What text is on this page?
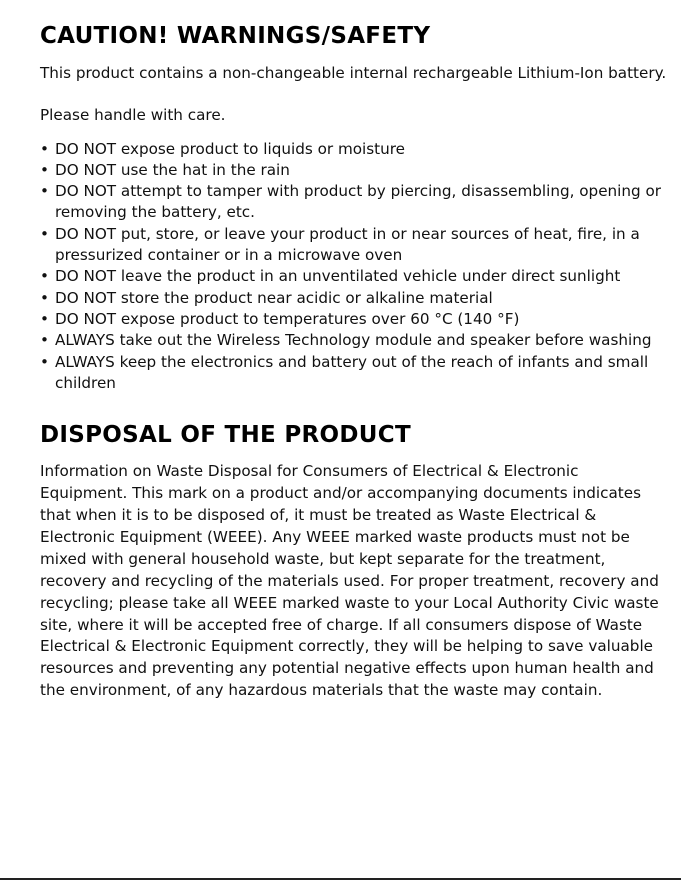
CAUTION! WARNINGS/SAFETY

This product contains a non-changeable internal rechargeable Lithium-Ion battery.

Please handle with care.

• DO NOT expose product to liquids or moisture
• DO NOT use the hat in the rain
• DO NOT attempt to tamper with product by piercing, disassembling, opening or removing the battery, etc.
• DO NOT put, store, or leave your product in or near sources of heat, fire, in a pressurized container or in a microwave oven
• DO NOT leave the product in an unventilated vehicle under direct sunlight
• DO NOT store the product near acidic or alkaline material
• DO NOT expose product to temperatures over 60 °C (140 °F)
• ALWAYS take out the Wireless Technology module and speaker before washing
• ALWAYS keep the electronics and battery out of the reach of infants and small children
DISPOSAL OF THE PRODUCT

Information on Waste Disposal for Consumers of Electrical & Electronic Equipment. This mark on a product and/or accompanying documents indicates that when it is to be disposed of, it must be treated as Waste Electrical & Electronic Equipment (WEEE). Any WEEE marked waste products must not be mixed with general household waste, but kept separate for the treatment, recovery and recycling of the materials used. For proper treatment, recovery and recycling; please take all WEEE marked waste to your Local Authority Civic waste site, where it will be accepted free of charge. If all consumers dispose of Waste Electrical & Electronic Equipment correctly, they will be helping to save valuable resources and preventing any potential negative effects upon human health and the environment, of any hazardous materials that the waste may contain.
